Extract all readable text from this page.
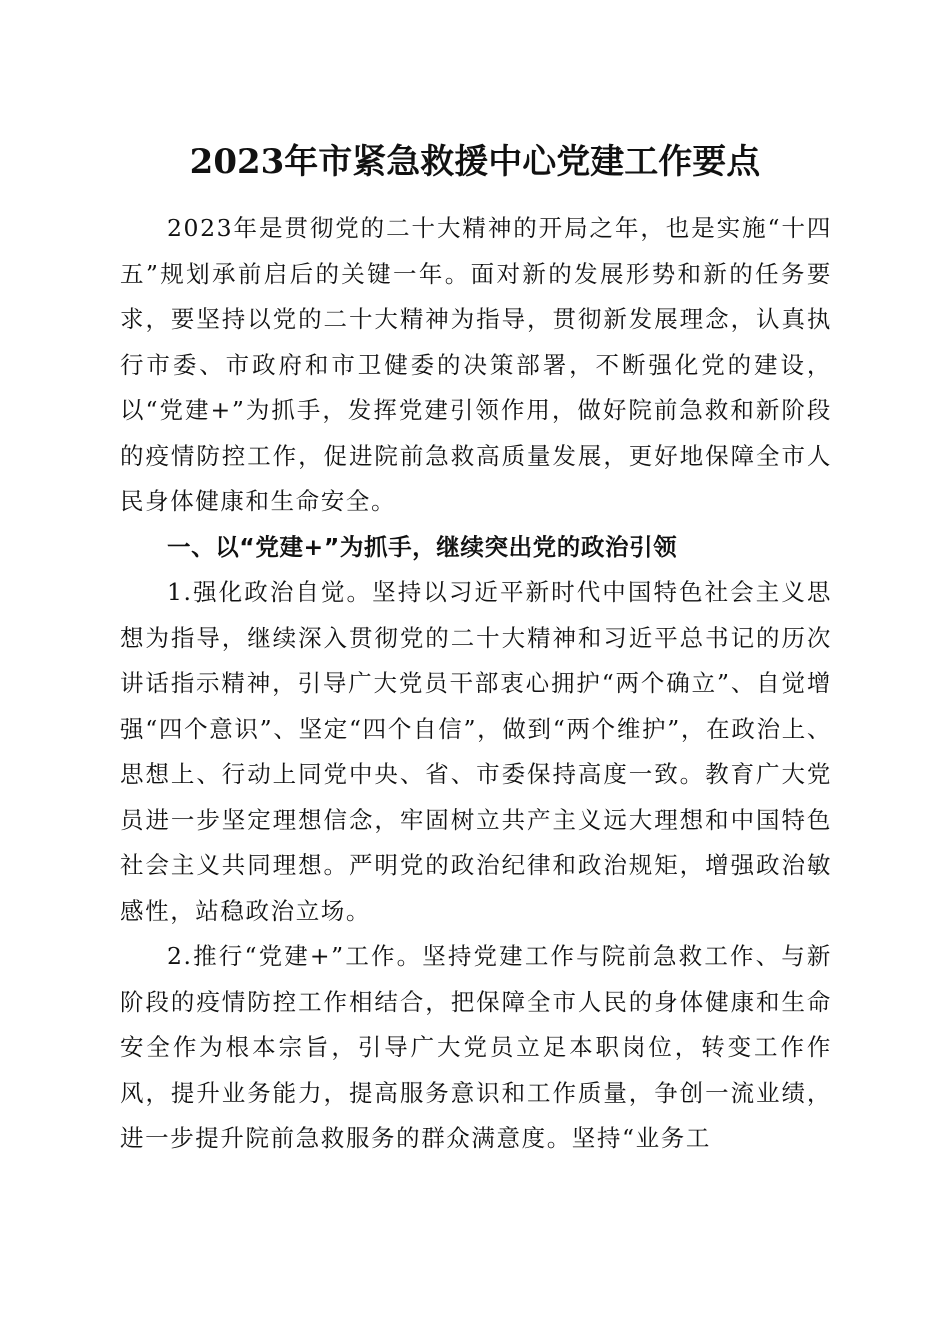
2023年市紧急救援中心党建工作要点

2023年是贯彻党的二十大精神的开局之年，也是实施“十四五”规划承前启后的关键一年。面对新的发展形势和新的任务要求，要坚持以党的二十大精神为指导，贯彻新发展理念，认真执行市委、市政府和市卫健委的决策部署，不断强化党的建设，以“党建+”为抓手，发挥党建引领作用，做好院前急救和新阶段的疫情防控工作，促进院前急救高质量发展，更好地保障全市人民身体健康和生命安全。

一、以“党建+”为抓手，继续突出党的政治引领

1.强化政治自觉。坚持以习近平新时代中国特色社会主义思想为指导，继续深入贯彻党的二十大精神和习近平总书记的历次讲话指示精神，引导广大党员干部衷心拥护“两个确立”、自觉增强“四个意识”、坚定“四个自信”，做到“两个维护”，在政治上、思想上、行动上同党中央、省、市委保持高度一致。教育广大党员进一步坚定理想信念，牢固树立共产主义远大理想和中国特色社会主义共同理想。严明党的政治纪律和政治规矩，增强政治敏感性，站稳政治立场。

2.推行“党建+”工作。坚持党建工作与院前急救工作、与新阶段的疫情防控工作相结合，把保障全市人民的身体健康和生命安全作为根本宗旨，引导广大党员立足本职岗位，转变工作作风，提升业务能力，提高服务意识和工作质量，争创一流业绩，进一步提升院前急救服务的群众满意度。坚持“业务工
